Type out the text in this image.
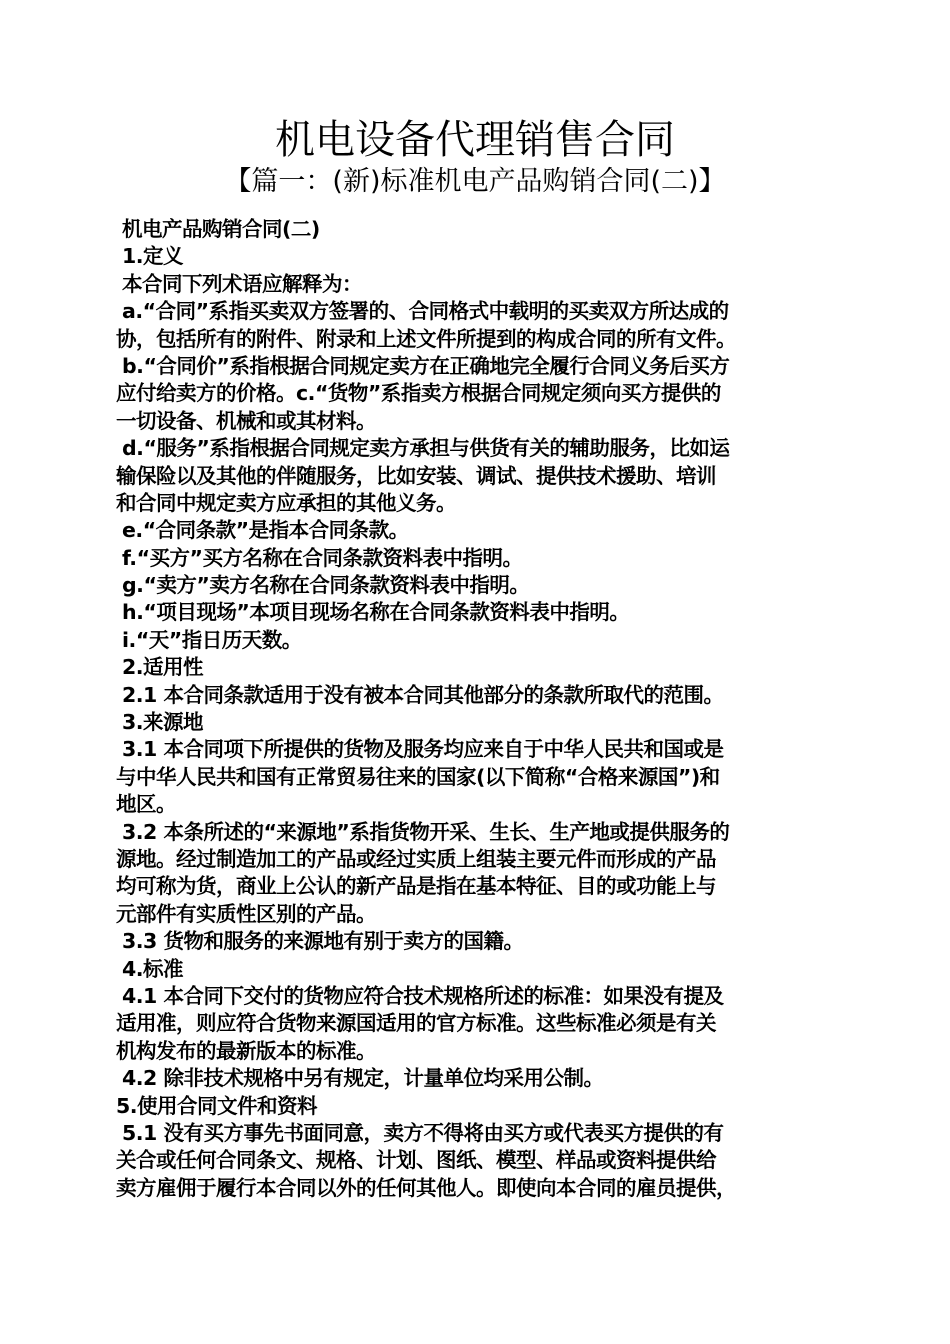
机电设备代理销售合同
【篇一：(新)标准机电产品购销合同(二)】
机电产品购销合同(二)
1.定义
本合同下列术语应解释为：
a.“合同”系指买卖双方签署的、合同格式中载明的买卖双方所达成的
协，包括所有的附件、附录和上述文件所提到的构成合同的所有文件。
b.“合同价”系指根据合同规定卖方在正确地完全履行合同义务后买方
应付给卖方的价格。c.“货物”系指卖方根据合同规定须向买方提供的
一切设备、机械和或其材料。
d.“服务”系指根据合同规定卖方承担与供货有关的辅助服务，比如运
输保险以及其他的伴随服务，比如安装、调试、提供技术援助、培训
和合同中规定卖方应承担的其他义务。
e.“合同条款”是指本合同条款。
f.“买方”买方名称在合同条款资料表中指明。
g.“卖方”卖方名称在合同条款资料表中指明。
h.“项目现场”本项目现场名称在合同条款资料表中指明。
i.“天”指日历天数。
2.适用性
2.1 本合同条款适用于没有被本合同其他部分的条款所取代的范围。
3.来源地
3.1 本合同项下所提供的货物及服务均应来自于中华人民共和国或是
与中华人民共和国有正常贸易往来的国家(以下简称“合格来源国”)和
地区。
3.2 本条所述的“来源地”系指货物开采、生长、生产地或提供服务的
源地。经过制造加工的产品或经过实质上组装主要元件而形成的产品
均可称为货，商业上公认的新产品是指在基本特征、目的或功能上与
元部件有实质性区别的产品。
3.3 货物和服务的来源地有别于卖方的国籍。
4.标准
4.1 本合同下交付的货物应符合技术规格所述的标准：如果没有提及
适用准，则应符合货物来源国适用的官方标准。这些标准必须是有关
机构发布的最新版本的标准。
4.2 除非技术规格中另有规定，计量单位均采用公制。
5.使用合同文件和资料
5.1 没有买方事先书面同意，卖方不得将由买方或代表买方提供的有
关合或任何合同条文、规格、计划、图纸、模型、样品或资料提供给
卖方雇佣于履行本合同以外的任何其他人。即使向本合同的雇员提供，
